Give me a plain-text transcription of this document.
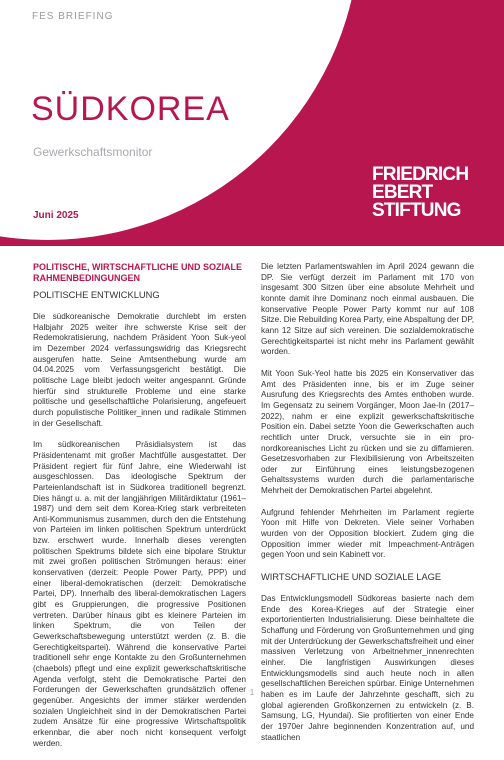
FES BRIEFING
SÜDKOREA
Gewerkschaftsmonitor
Juni 2025
FRIEDRICH
EBERT
STIFTUNG
POLITISCHE, WIRTSCHAFTLICHE UND SOZIALE RAHMENBEDINGUNGEN
POLITISCHE ENTWICKLUNG

Die südkoreanische Demokratie durchlebt im ersten Halbjahr 2025 weiter ihre schwerste Krise seit der Redemokratisierung, nachdem Präsident Yoon Suk-yeol im Dezember 2024 verfassungswidrig das Kriegsrecht ausgerufen hatte. Seine Amtsenthebung wurde am 04.04.2025 vom Verfassungsgericht bestätigt. Die politische Lage bleibt jedoch weiter angespannt. Gründe hierfür sind strukturelle Probleme und eine starke politische und gesellschaftliche Polarisierung, angefeuert durch populistische Politiker_innen und radikale Stimmen in der Gesellschaft.

Im südkoreanischen Präsidialsystem ist das Präsidentenamt mit großer Machtfülle ausgestattet. Der Präsident regiert für fünf Jahre, eine Wiederwahl ist ausgeschlossen. Das ideologische Spektrum der Parteienlandschaft ist in Südkorea traditionell begrenzt. Dies hängt u. a. mit der langjährigen Militärdiktatur (1961–1987) und dem seit dem Korea-Krieg stark verbreiteten Anti-Kommunismus zusammen, durch den die Entstehung von Parteien im linken politischen Spektrum unterdrückt bzw. erschwert wurde. Innerhalb dieses verengten politischen Spektrums bildete sich eine bipolare Struktur mit zwei großen politischen Strömungen heraus: einer konservativen (derzeit: People Power Party, PPP) und einer liberal-demokratischen (derzeit: Demokratische Partei, DP). Innerhalb des liberal-demokratischen Lagers gibt es Gruppierungen, die progressive Positionen vertreten. Darüber hinaus gibt es kleinere Parteien im linken Spektrum, die von Teilen der Gewerkschaftsbewegung unterstützt werden (z. B. die Gerechtigkeitspartei). Während die konservative Partei traditionell sehr enge Kontakte zu den Großunternehmen (chaebols) pflegt und eine explizit gewerkschaftskritische Agenda verfolgt, steht die Demokratische Partei den Forderungen der Gewerkschaften grundsätzlich offener gegenüber. Angesichts der immer stärker werdenden sozialen Ungleichheit sind in der Demokratischen Partei zudem Ansätze für eine progressive Wirtschaftspolitik erkennbar, die aber noch nicht konsequent verfolgt werden.

Die letzten Parlamentswahlen im April 2024 gewann die DP. Sie verfügt derzeit im Parlament mit 170 von insgesamt 300 Sitzen über eine absolute Mehrheit und konnte damit ihre Dominanz noch einmal ausbauen. Die konservative People Power Party kommt nur auf 108 Sitze. Die Rebuilding Korea Party, eine Abspaltung der DP, kann 12 Sitze auf sich vereinen. Die sozialdemokratische Gerechtigkeitspartei ist nicht mehr ins Parlament gewählt worden.

Mit Yoon Suk-Yeol hatte bis 2025 ein Konservativer das Amt des Präsidenten inne, bis er im Zuge seiner Ausrufung des Kriegsrechts des Amtes enthoben wurde. Im Gegensatz zu seinem Vorgänger, Moon Jae-In (2017–2022), nahm er eine explizit gewerkschaftskritische Position ein. Dabei setzte Yoon die Gewerkschaften auch rechtlich unter Druck, versuchte sie in ein pro-nordkoreanisches Licht zu rücken und sie zu diffamieren. Gesetzesvorhaben zur Flexibilisierung von Arbeitszeiten oder zur Einführung eines leistungsbezogenen Gehaltssystems wurden durch die parlamentarische Mehrheit der Demokratischen Partei abgelehnt.

Aufgrund fehlender Mehrheiten im Parlament regierte Yoon mit Hilfe von Dekreten. Viele seiner Vorhaben wurden von der Opposition blockiert. Zudem ging die Opposition immer wieder mit Impeachment-Anträgen gegen Yoon und sein Kabinett vor.

WIRTSCHAFTLICHE UND SOZIALE LAGE

Das Entwicklungsmodell Südkoreas basierte nach dem Ende des Korea-Krieges auf der Strategie einer exportorientierten Industrialisierung. Diese beinhaltete die Schaffung und Förderung von Großunternehmen und ging mit der Unterdrückung der Gewerkschaftsfreiheit und einer massiven Verletzung von Arbeitnehmer_innenrechten einher. Die langfristigen Auswirkungen dieses Entwicklungsmodells sind auch heute noch in allen gesellschaftlichen Bereichen spürbar. Einige Unternehmen haben es im Laufe der Jahrzehnte geschafft, sich zu global agierenden Großkonzernen zu entwickeln (z. B. Samsung, LG, Hyundai). Sie profitierten von einer Ende der 1970er Jahre beginnenden Konzentration auf, und staatlichen

1
